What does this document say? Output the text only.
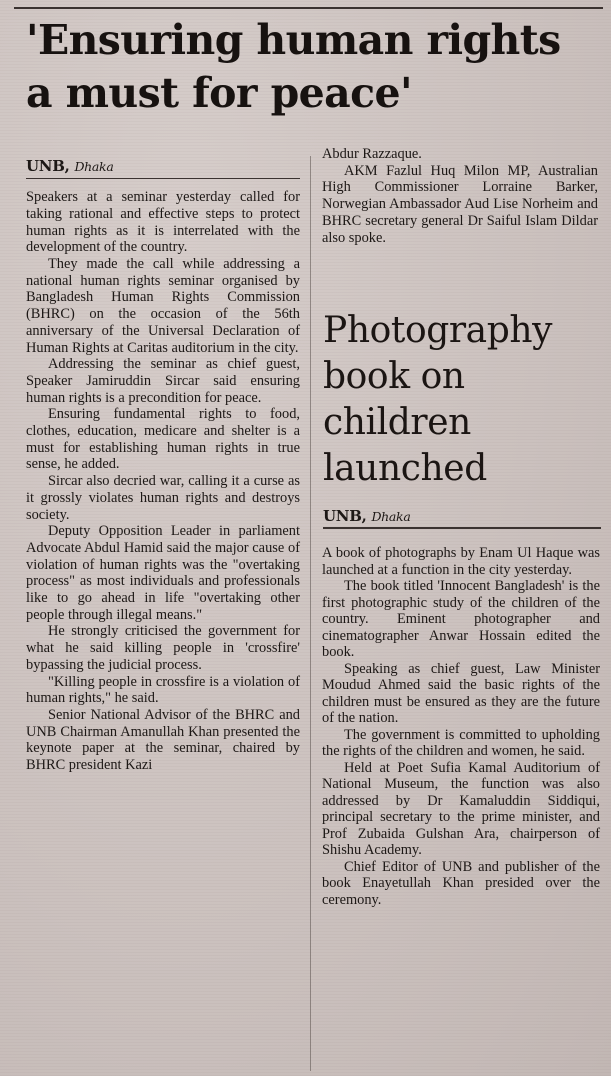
'Ensuring human rights
a must for peace'
UNB, Dhaka

Speakers at a seminar yesterday called for taking rational and effective steps to protect human rights as it is interrelated with the development of the country.

They made the call while addressing a national human rights seminar organised by Bangladesh Human Rights Commission (BHRC) on the occasion of the 56th anniversary of the Universal Declaration of Human Rights at Caritas auditorium in the city.

Addressing the seminar as chief guest, Speaker Jamiruddin Sircar said ensuring human rights is a precondition for peace.

Ensuring fundamental rights to food, clothes, education, medicare and shelter is a must for establishing human rights in true sense, he added.

Sircar also decried war, calling it a curse as it grossly violates human rights and destroys society.

Deputy Opposition Leader in parliament Advocate Abdul Hamid said the major cause of violation of human rights was the "overtaking process" as most individuals and professionals like to go ahead in life "overtaking other people through illegal means."

He strongly criticised the government for what he said killing people in 'crossfire' bypassing the judicial process.

"Killing people in crossfire is a violation of human rights," he said.

Senior National Advisor of the BHRC and UNB Chairman Amanullah Khan presented the keynote paper at the seminar, chaired by BHRC president Kazi

Abdur Razzaque.

AKM Fazlul Huq Milon MP, Australian High Commissioner Lorraine Barker, Norwegian Ambassador Aud Lise Norheim and BHRC secretary general Dr Saiful Islam Dildar also spoke.

Photography
book on
children
launched
UNB, Dhaka

A book of photographs by Enam Ul Haque was launched at a function in the city yesterday.

The book titled 'Innocent Bangladesh' is the first photographic study of the children of the country. Eminent photographer and cinematographer Anwar Hossain edited the book.

Speaking as chief guest, Law Minister Moudud Ahmed said the basic rights of the children must be ensured as they are the future of the nation.

The government is committed to upholding the rights of the children and women, he said.

Held at Poet Sufia Kamal Auditorium of National Museum, the function was also addressed by Dr Kamaluddin Siddiqui, principal secretary to the prime minister, and Prof Zubaida Gulshan Ara, chairperson of Shishu Academy.

Chief Editor of UNB and publisher of the book Enayetullah Khan presided over the ceremony.
